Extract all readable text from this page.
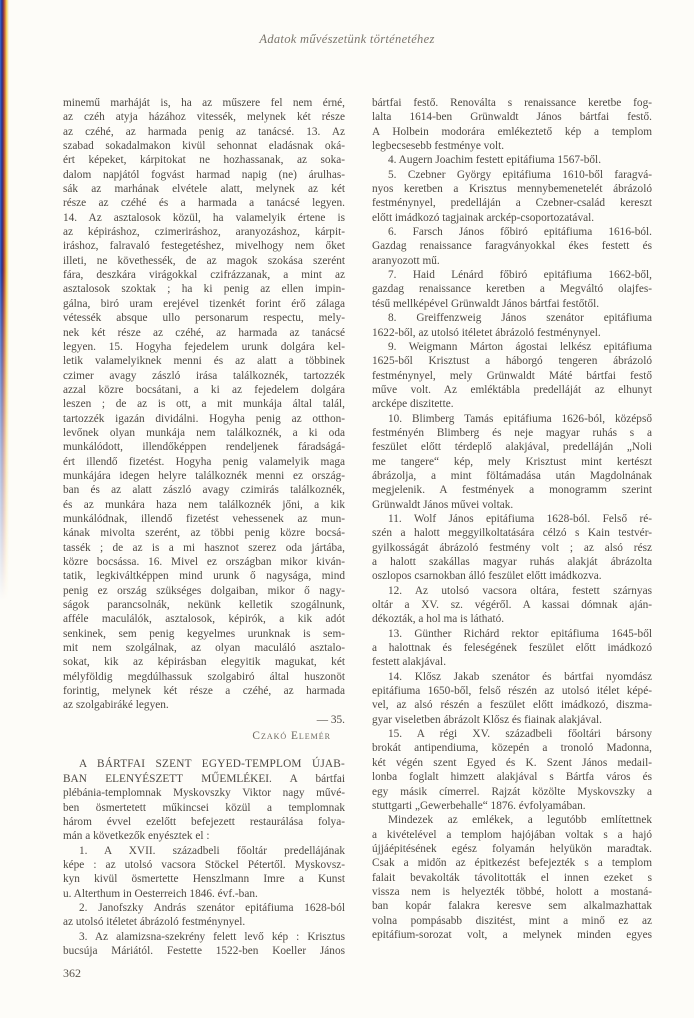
Adatok művészetünk történetéhez
minemű marháját is, ha az műszere fel nem érné,
az czéh atyja házához vitessék, melynek két része
az czéhé, az harmada penig az tanácsé. 13. Az
szabad sokadalmakon kivül sehonnat eladásnak oká-
ért képeket, kárpitokat ne hozhassanak, az soka-
dalom napjától fogvást harmad napig (ne) árulhas-
sák az marhának elvétele alatt, melynek az két
része az czéhé és a harmada a tanácsé legyen.
14. Az asztalosok közül, ha valamelyik értene is
az képiráshoz, czimeriráshoz, aranyozáshoz, kárpit-
iráshoz, falravaló festegetéshez, mivelhogy nem őket
illeti, ne követhessék, de az magok szokása szerént
fára, deszkára virágokkal czifrázzanak, a mint az
asztalosok szoktak ; ha ki penig az ellen impin-
gálna, biró uram erejével tizenkét forint érő zálaga
vétessék absque ullo personarum respectu, mely-
nek két része az czéhé, az harmada az tanácsé
legyen. 15. Hogyha fejedelem urunk dolgára kel-
letik valamelyiknek menni és az alatt a többinek
czimer avagy zászló irása találkoznék, tartozzék
azzal közre bocsátani, a ki az fejedelem dolgára
leszen ; de az is ott, a mit munkája által talál,
tartozzék igazán dividálni. Hogyha penig az otthon-
levőnek olyan munkája nem találkoznék, a ki oda
munkálódott, illendőképpen rendeljenek fáradságá-
ért illendő fizetést. Hogyha penig valamelyik maga
munkájára idegen helyre találkoznék menni ez ország-
ban és az alatt zászló avagy czimirás találkoznék,
és az munkára haza nem találkoznék jőni, a kik
munkálódnak, illendő fizetést vehessenek az mun-
kának mivolta szerént, az többi penig közre bocsá-
tassék ; de az is a mi hasznot szerez oda jártába,
közre bocsássa. 16. Mivel ez országban mikor kiván-
tatik, legkiváltképpen mind urunk ő nagysága, mind
penig ez ország szükséges dolgaiban, mikor ő nagy-
ságok parancsolnák, nekünk kelletik szogálnunk,
afféle maculálók, asztalosok, képirók, a kik adót
senkinek, sem penig kegyelmes urunknak is sem-
mit nem szolgálnak, az olyan maculáló asztalo-
sokat, kik az képirásban elegyitik magukat, két
mélyföldig megdúlhassuk szolgabiró által huszonöt
forintig, melynek két része a czéhé, az harmada
az szolgabiráké legyen.

— 35.

Czakó Elemér

A BÁRTFAI SZENT EGYED-TEMPLOM ÚJAB-
BAN ELENYÉSZETT MŰEMLÉKEI. A bártfai
plébánia-templomnak Myskovszky Viktor nagy művé-
ben ösmertetett műkincsei közül a templomnak
három évvel ezelőtt befejezett restaurálása folya-
mán a következők enyésztek el :
1. A XVII. századbeli főoltár predellájának
képe : az utolsó vacsora Stöckel Pétertől. Myskovsz-
kyn kivül ösmertette Henszlmann Imre a Kunst
u. Alterthum in Oesterreich 1846. évf.-ban.
2. Janofszky András szenátor epitáfiuma 1628-ból
az utolsó itéletet ábrázoló festménynyel.
3. Az alamizsna-szekrény felett levő kép : Krisztus
bucsúja Máriától. Festette 1522-ben Koeller János
bártfai festő. Renoválta s renaissance keretbe fog-
lalta 1614-ben Grünwaldt János bártfai festő.
A Holbein modorára emlékeztető kép a templom
legbecsesebb festménye volt.
4. Augern Joachim festett epitáfiuma 1567-ből.
5. Czebner György epitáfiuma 1610-ből faragvá-
nyos keretben a Krisztus mennybemenetelét ábrázoló
festménynyel, predelláján a Czebner-család kereszt
előtt imádkozó tagjainak arckép-csoportozatával.
6. Farsch János főbiró epitáfiuma 1616-ból.
Gazdag renaissance faragványokkal ékes festett és
aranyozott mű.
7. Haid Lénárd főbiró epitáfiuma 1662-ből,
gazdag renaissance keretben a Megváltó olajfes-
tésű mellképével Grünwaldt János bártfai festőtől.
8. Greiffenzweig János szenátor epitáfiuma
1622-ből, az utolsó itéletet ábrázoló festménynyel.
9. Weigmann Márton ágostai lelkész epitáfiuma
1625-ből Krisztust a háborgó tengeren ábrázoló
festménynyel, mely Grünwaldt Máté bártfai festő
műve volt. Az emléktábla predelláját az elhunyt
arcképe diszitette.
10. Blimberg Tamás epitáfiuma 1626-ból, középső
festményén Blimberg és neje magyar ruhás s a
feszület előtt térdeplő alakjával, predelláján „Noli
me tangere“ kép, mely Krisztust mint kertészt
ábrázolja, a mint föltámadása után Magdolnának
megjelenik. A festmények a monogramm szerint
Grünwaldt János művei voltak.
11. Wolf János epitáfiuma 1628-ból. Felső ré-
szén a halott meggyilkoltatására célzó s Kain testvér-
gyilkosságát ábrázoló festmény volt ; az alsó rész
a halott szakállas magyar ruhás alakját ábrázolta
oszlopos csarnokban álló feszület előtt imádkozva.
12. Az utolsó vacsora oltára, festett szárnyas
oltár a XV. sz. végéről. A kassai dómnak aján-
dékozták, a hol ma is látható.
13. Günther Richárd rektor epitáfiuma 1645-ből
a halottnak és feleségének feszület előtt imádkozó
festett alakjával.
14. Klősz Jakab szenátor és bártfai nyomdász
epitáfiuma 1650-ből, felső részén az utolsó itélet képé-
vel, az alsó részén a feszület előtt imádkozó, diszma-
gyar viseletben ábrázolt Klősz és fiainak alakjával.
15. A régi XV. századbeli főoltári bársony
brokát antipendiuma, közepén a tronoló Madonna,
két végén szent Egyed és K. Szent János medail-
lonba foglalt himzett alakjával s Bártfa város és
egy másik címerrel. Rajzát közölte Myskovszky a
stuttgarti „Gewerbehalle“ 1876. évfolyamában.
Mindezek az emlékek, a legutóbb említettnek
a kivételével a templom hajójában voltak s a hajó
újjáépitésének egész folyamán helyükön maradtak.
Csak a midőn az épitkezést befejezték s a templom
falait bevakolták távolitották el innen ezeket s
vissza nem is helyezték többé, holott a mostaná-
ban kopár falakra keresve sem alkalmazhattak
volna pompásabb diszitést, mint a minő ez az
epitáfium-sorozat volt, a melynek minden egyes
362
